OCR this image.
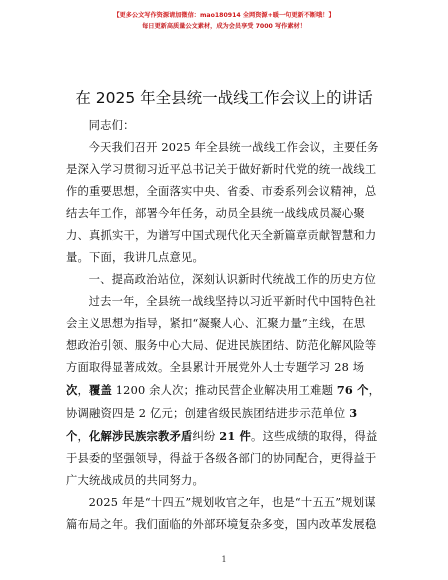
【更多公文写作资源请加微信：mao180914 全网资源+暖一句更新不断哦！】
每日更新高质量公文素材，成为会员享受 7000 写作素材！
在 2025 年全县统一战线工作会议上的讲话

同志们：

今天我们召开 2025 年全县统一战线工作会议，主要任务
是深入学习贯彻习近平总书记关于做好新时代党的统一战线工
作的重要思想，全面落实中央、省委、市委系列会议精神，总
结去年工作，部署今年任务，动员全县统一战线成员凝心聚
力、真抓实干，为谱写中国式现代化天全新篇章贡献智慧和力
量。下面，我讲几点意见。

一、提高政治站位，深刻认识新时代统战工作的历史方位

过去一年，全县统一战线坚持以习近平新时代中国特色社
会主义思想为指导，紧扣“凝聚人心、汇聚力量”主线，在思
想政治引领、服务中心大局、促进民族团结、防范化解风险等
方面取得显著成效。全县累计开展党外人士专题学习 28 场
次，覆盖 1200 余人次；推动民营企业解决用工难题 76 个，
协调融资四是 2 亿元；创建省级民族团结进步示范单位 3
个，化解涉民族宗教矛盾纠纷 21 件。这些成绩的取得，得益
于县委的坚强领导，得益于各级各部门的协同配合，更得益于
广大统战成员的共同努力。

2025 年是“十四五”规划收官之年，也是“十五五”规划谋
篇布局之年。我们面临的外部环境复杂多变，国内改革发展稳

1
